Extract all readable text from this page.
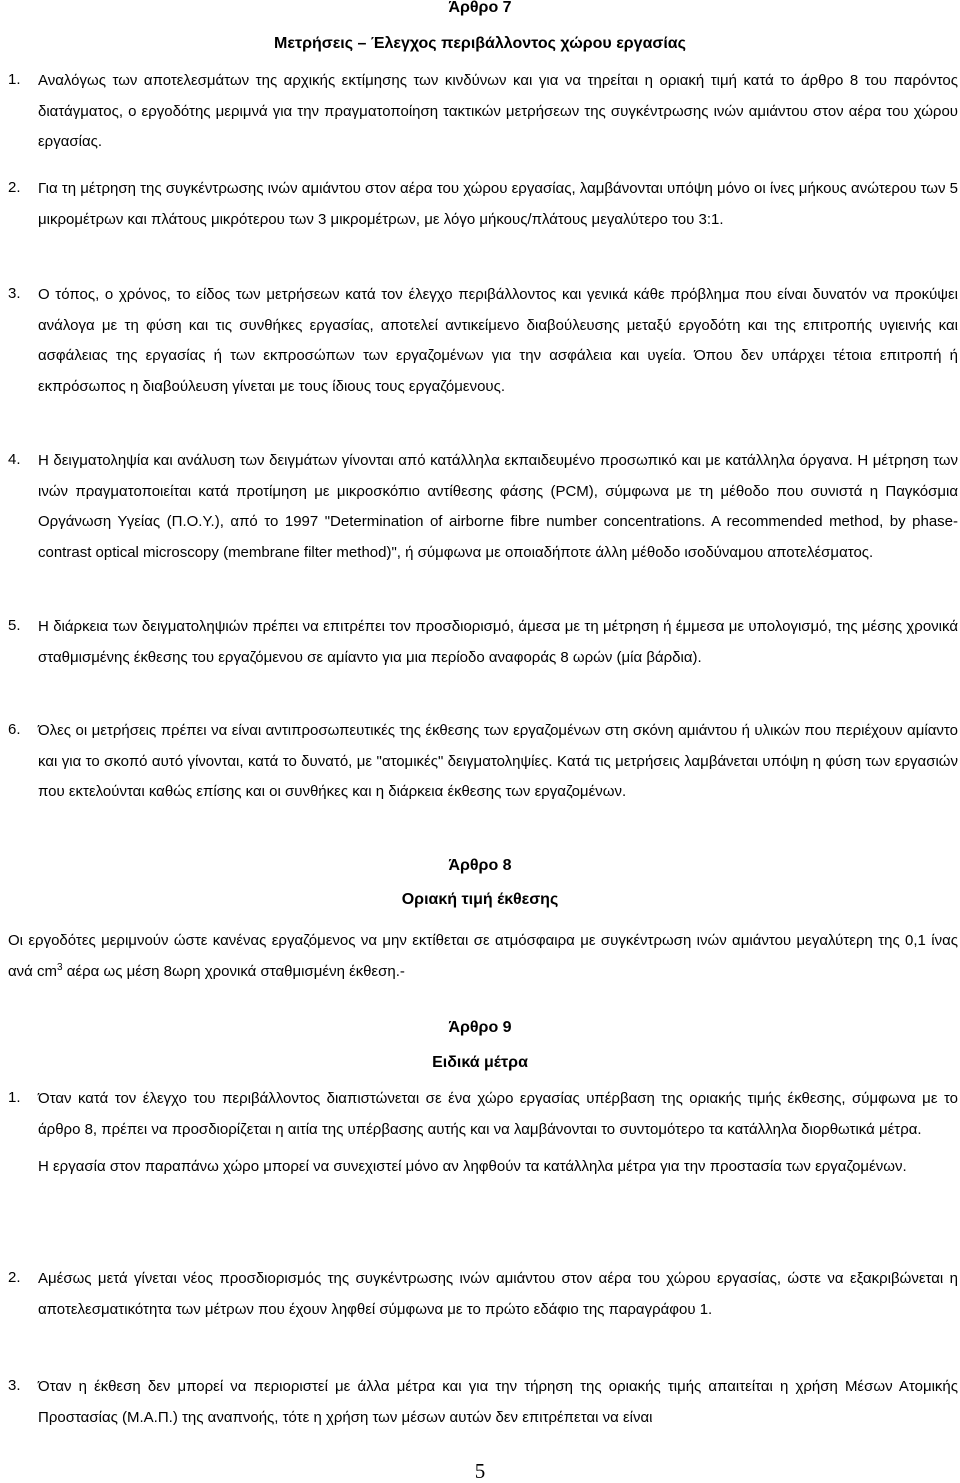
Άρθρο 7

Μετρήσεις – Έλεγχος περιβάλλοντος χώρου εργασίας

1. Αναλόγως των αποτελεσμάτων της αρχικής εκτίμησης των κινδύνων και για να τηρείται η οριακή τιμή κατά το άρθρο 8 του παρόντος διατάγματος, ο εργοδότης μεριμνά για την πραγματοποίηση τακτικών μετρήσεων της συγκέντρωσης ινών αμιάντου στον αέρα του χώρου εργασίας.

2. Για τη μέτρηση της συγκέντρωσης ινών αμιάντου στον αέρα του χώρου εργασίας, λαμβάνονται υπόψη μόνο οι ίνες μήκους ανώτερου των 5 μικρομέτρων και πλάτους μικρότερου των 3 μικρομέτρων, με λόγο μήκους/πλάτους μεγαλύτερο του 3:1.

3. Ο τόπος, ο χρόνος, το είδος των μετρήσεων κατά τον έλεγχο περιβάλλοντος και γενικά κάθε πρόβλημα που είναι δυνατόν να προκύψει ανάλογα με τη φύση και τις συνθήκες εργασίας, αποτελεί αντικείμενο διαβούλευσης μεταξύ εργοδότη και της επιτροπής υγιεινής και ασφάλειας της εργασίας ή των εκπροσώπων των εργαζομένων για την ασφάλεια και υγεία. Όπου δεν υπάρχει τέτοια επιτροπή ή εκπρόσωπος η διαβούλευση γίνεται με τους ίδιους τους εργαζόμενους.

4. Η δειγματοληψία και ανάλυση των δειγμάτων γίνονται από κατάλληλα εκπαιδευμένο προσωπικό και με κατάλληλα όργανα. Η μέτρηση των ινών πραγματοποιείται κατά προτίμηση με μικροσκόπιο αντίθεσης φάσης (PCM), σύμφωνα με τη μέθοδο που συνιστά η Παγκόσμια Οργάνωση Υγείας (Π.Ο.Υ.), από το 1997 "Determination of airborne fibre number concentrations. A recommended method, by phase-contrast optical microscopy (membrane filter method)", ή σύμφωνα με οποιαδήποτε άλλη μέθοδο ισοδύναμου αποτελέσματος.

5. Η διάρκεια των δειγματοληψιών πρέπει να επιτρέπει τον προσδιορισμό, άμεσα με τη μέτρηση ή έμμεσα με υπολογισμό, της μέσης χρονικά σταθμισμένης έκθεσης του εργαζόμενου σε αμίαντο για μια περίοδο αναφοράς 8 ωρών (μία βάρδια).

6. Όλες οι μετρήσεις πρέπει να είναι αντιπροσωπευτικές της έκθεσης των εργαζομένων στη σκόνη αμιάντου ή υλικών που περιέχουν αμίαντο και για το σκοπό αυτό γίνονται, κατά το δυνατό, με "ατομικές" δειγματοληψίες. Κατά τις μετρήσεις λαμβάνεται υπόψη η φύση των εργασιών που εκτελούνται καθώς επίσης και οι συνθήκες και η διάρκεια έκθεσης των εργαζομένων.

Άρθρο 8

Οριακή τιμή έκθεσης

Οι εργοδότες μεριμνούν ώστε κανένας εργαζόμενος να μην εκτίθεται σε ατμόσφαιρα με συγκέντρωση ινών αμιάντου μεγαλύτερη της 0,1 ίνας ανά $cm^3$ αέρα ως μέση 8ωρη χρονικά σταθμισμένη έκθεση.-

Άρθρο 9

Ειδικά μέτρα

1. Όταν κατά τον έλεγχο του περιβάλλοντος διαπιστώνεται σε ένα χώρο εργασίας υπέρβαση της οριακής τιμής έκθεσης, σύμφωνα με το άρθρο 8, πρέπει να προσδιορίζεται η αιτία της υπέρβασης αυτής και να λαμβάνονται το συντομότερο τα κατάλληλα διορθωτικά μέτρα.

Η εργασία στον παραπάνω χώρο μπορεί να συνεχιστεί μόνο αν ληφθούν τα κατάλληλα μέτρα για την προστασία των εργαζομένων.

2. Αμέσως μετά γίνεται νέος προσδιορισμός της συγκέντρωσης ινών αμιάντου στον αέρα του χώρου εργασίας, ώστε να εξακριβώνεται η αποτελεσματικότητα των μέτρων που έχουν ληφθεί σύμφωνα με το πρώτο εδάφιο της παραγράφου 1.

3. Όταν η έκθεση δεν μπορεί να περιοριστεί με άλλα μέτρα και για την τήρηση της οριακής τιμής απαιτείται η χρήση Μέσων Ατομικής Προστασίας (Μ.Α.Π.) της αναπνοής, τότε η χρήση των μέσων αυτών δεν επιτρέπεται να είναι

5
